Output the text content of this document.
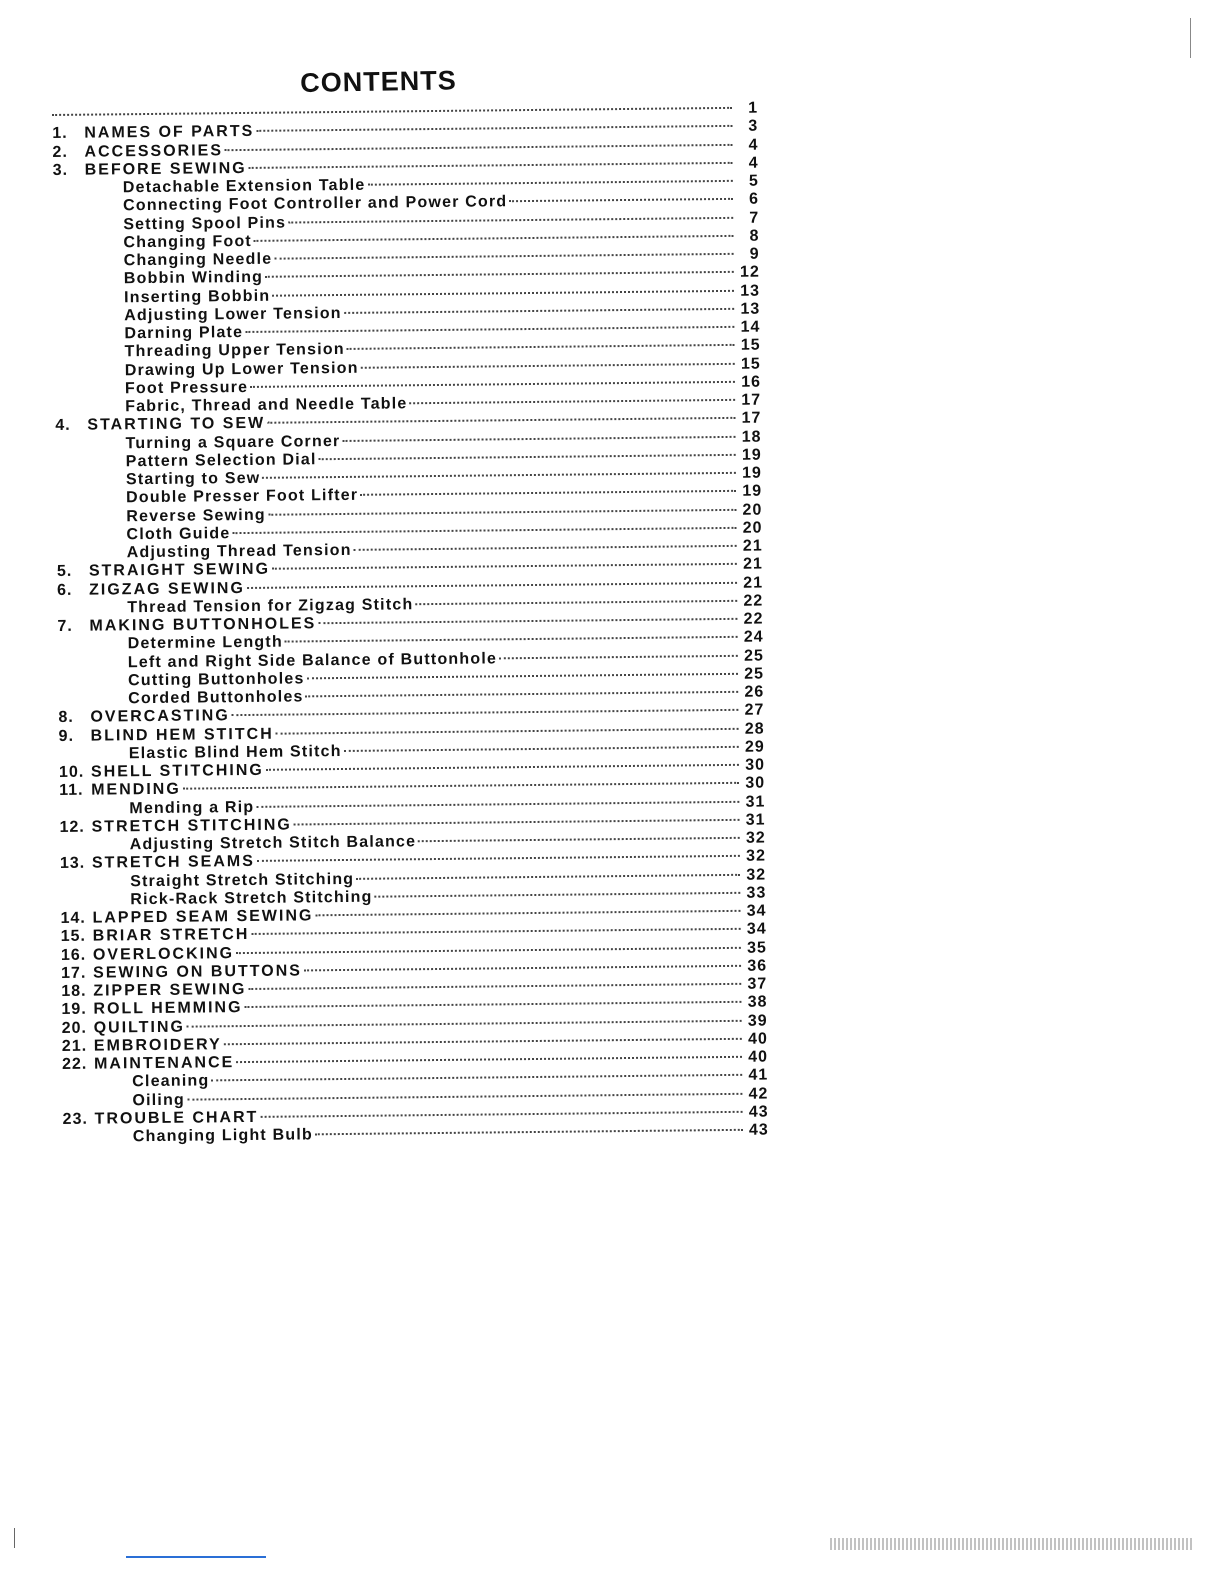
CONTENTS
1
1.	NAMES OF PARTS	3
2.	ACCESSORIES	4
3.	BEFORE SEWING	4
Detachable Extension Table	5
Connecting Foot Controller and Power Cord	6
Setting Spool Pins	7
Changing Foot	8
Changing Needle	9
Bobbin Winding	12
Inserting Bobbin	13
Adjusting Lower Tension	13
Darning Plate	14
Threading Upper Tension	15
Drawing Up Lower Tension	15
Foot Pressure	16
Fabric, Thread and Needle Table	17
4.	STARTING TO SEW	17
Turning a Square Corner	18
Pattern Selection Dial	19
Starting to Sew	19
Double Presser Foot Lifter	19
Reverse Sewing	20
Cloth Guide	20
Adjusting Thread Tension	21
5.	STRAIGHT SEWING	21
6.	ZIGZAG SEWING	21
Thread Tension for Zigzag Stitch	22
7.	MAKING BUTTONHOLES	22
Determine Length	24
Left and Right Side Balance of Buttonhole	25
Cutting Buttonholes	25
Corded Buttonholes	26
8.	OVERCASTING	27
9.	BLIND HEM STITCH	28
Elastic Blind Hem Stitch	29
10. SHELL STITCHING	30
11. MENDING	30
Mending a Rip	31
12. STRETCH STITCHING	31
Adjusting Stretch Stitch Balance	32
13. STRETCH SEAMS	32
Straight Stretch Stitching	32
Rick-Rack Stretch Stitching	33
14. LAPPED SEAM SEWING	34
15. BRIAR STRETCH	34
16. OVERLOCKING	35
17. SEWING ON BUTTONS	36
18. ZIPPER SEWING	37
19. ROLL HEMMING	38
20. QUILTING	39
21. EMBROIDERY	40
22. MAINTENANCE	40
Cleaning	41
Oiling	42
23. TROUBLE CHART	43
Changing Light Bulb	43
